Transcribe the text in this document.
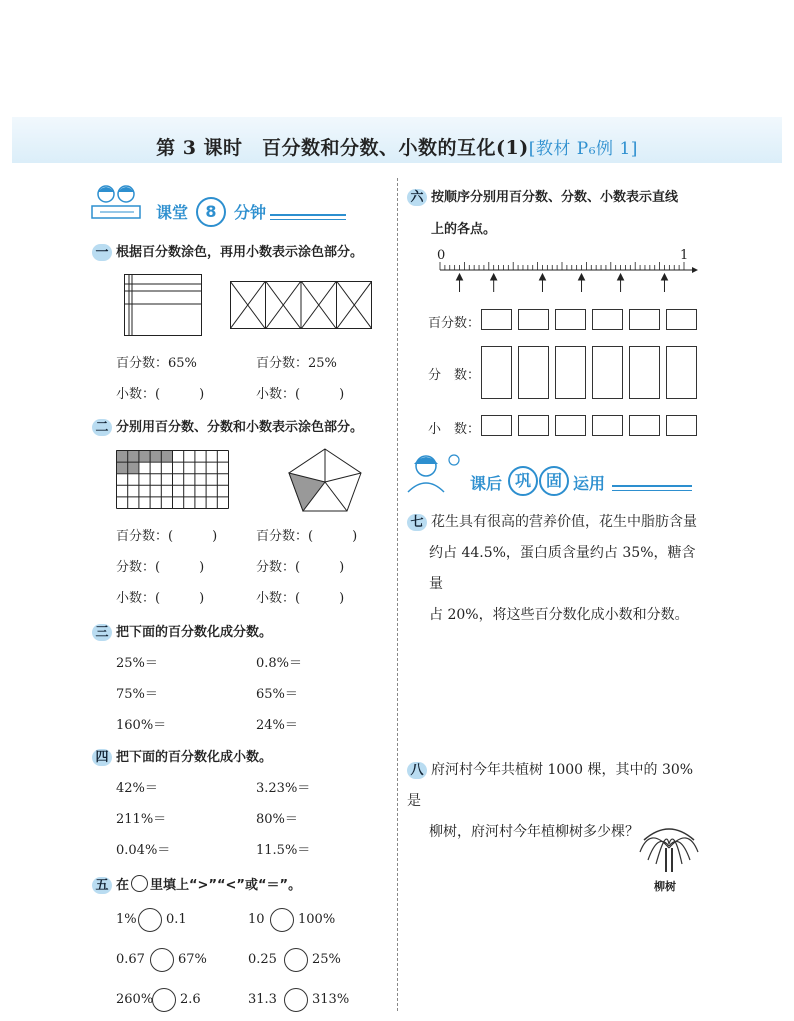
第 3 课时　百分数和分数、小数的互化(1)[教材 P₆例 1]
课堂	8	分钟
一 根据百分数涂色，再用小数表示涂色部分。
百分数：65%	百分数：25%
小数：(　　　)	小数：(　　　)
二 分别用百分数、分数和小数表示涂色部分。
百分数：(　　　)	百分数：(　　　)
分数：(　　　)	分数：(　　　)
小数：(　　　)	小数：(　　　)
三 把下面的百分数化成分数。
25%＝	0.8%＝
75%＝	65%＝
160%＝	24%＝
四 把下面的百分数化成小数。
42%＝	3.23%＝
211%＝	80%＝
0.04%＝	11.5%＝
五 在 里填上“>”“<”或“＝”。
1% 0.1	10	100%
0.67	67%	0.25	25%
260% 2.6	31.3	313%
六 按顺序分别用百分数、分数、小数表示直线
上的各点。
0	1
百分数：
分　数：
小　数：
课后 巩 固 运用
七 花生具有很高的营养价值，花生中脂肪含量
约占 44.5%，蛋白质含量约占 35%，糖含量
占 20%，将这些百分数化成小数和分数。
八 府河村今年共植树 1000 棵，其中的 30% 是
柳树，府河村今年植柳树多少棵？
柳树
